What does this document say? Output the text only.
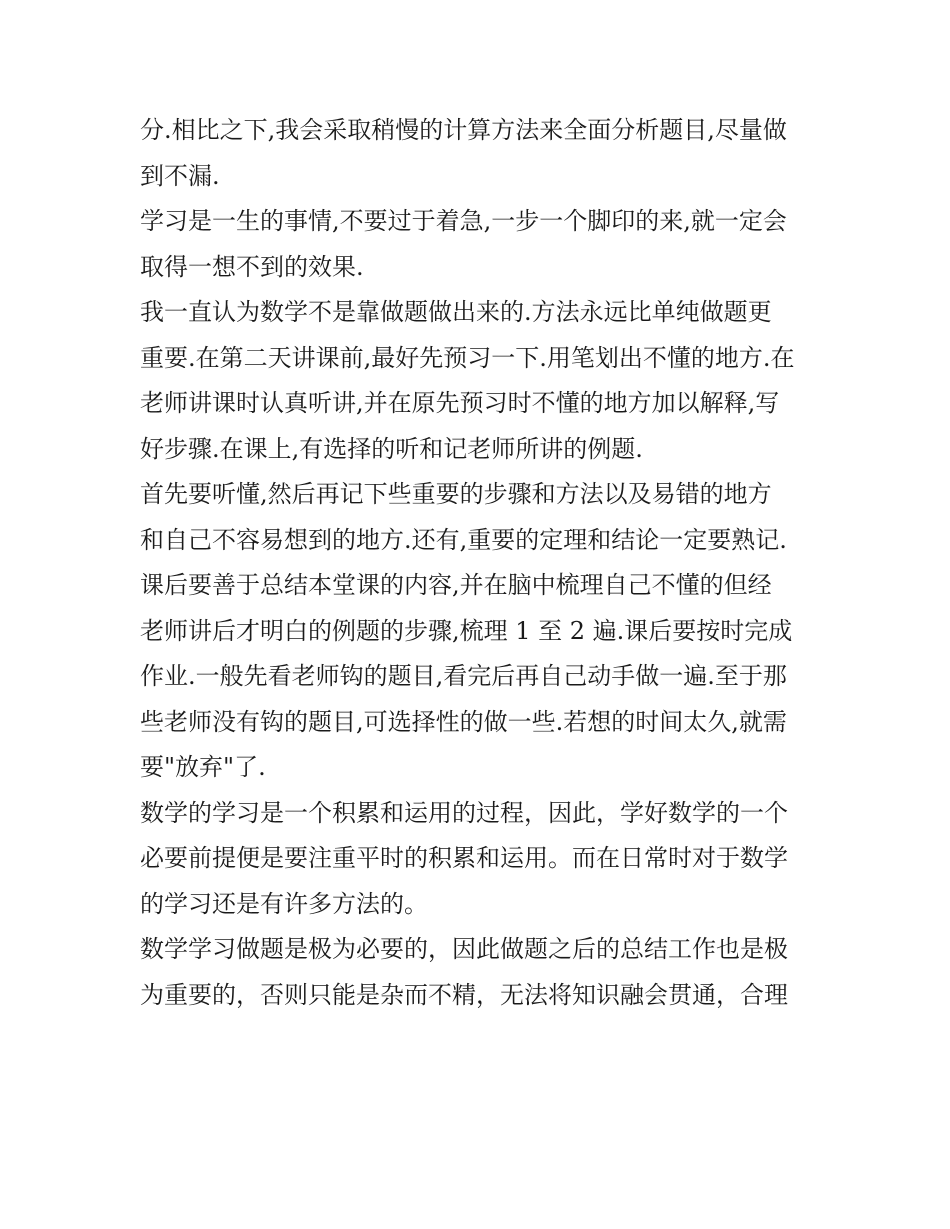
分.相比之下,我会采取稍慢的计算方法来全面分析题目,尽量做
到不漏.
学习是一生的事情,不要过于着急,一步一个脚印的来,就一定会
取得一想不到的效果.
我一直认为数学不是靠做题做出来的.方法永远比单纯做题更
重要.在第二天讲课前,最好先预习一下.用笔划出不懂的地方.在
老师讲课时认真听讲,并在原先预习时不懂的地方加以解释,写
好步骤.在课上,有选择的听和记老师所讲的例题.
首先要听懂,然后再记下些重要的步骤和方法以及易错的地方
和自己不容易想到的地方.还有,重要的定理和结论一定要熟记.
课后要善于总结本堂课的内容,并在脑中梳理自己不懂的但经
老师讲后才明白的例题的步骤,梳理 1 至 2 遍.课后要按时完成
作业.一般先看老师钩的题目,看完后再自己动手做一遍.至于那
些老师没有钩的题目,可选择性的做一些.若想的时间太久,就需
要"放弃"了.
数学的学习是一个积累和运用的过程，因此，学好数学的一个
必要前提便是要注重平时的积累和运用。而在日常时对于数学
的学习还是有许多方法的。
数学学习做题是极为必要的，因此做题之后的总结工作也是极
为重要的，否则只能是杂而不精，无法将知识融会贯通，合理
